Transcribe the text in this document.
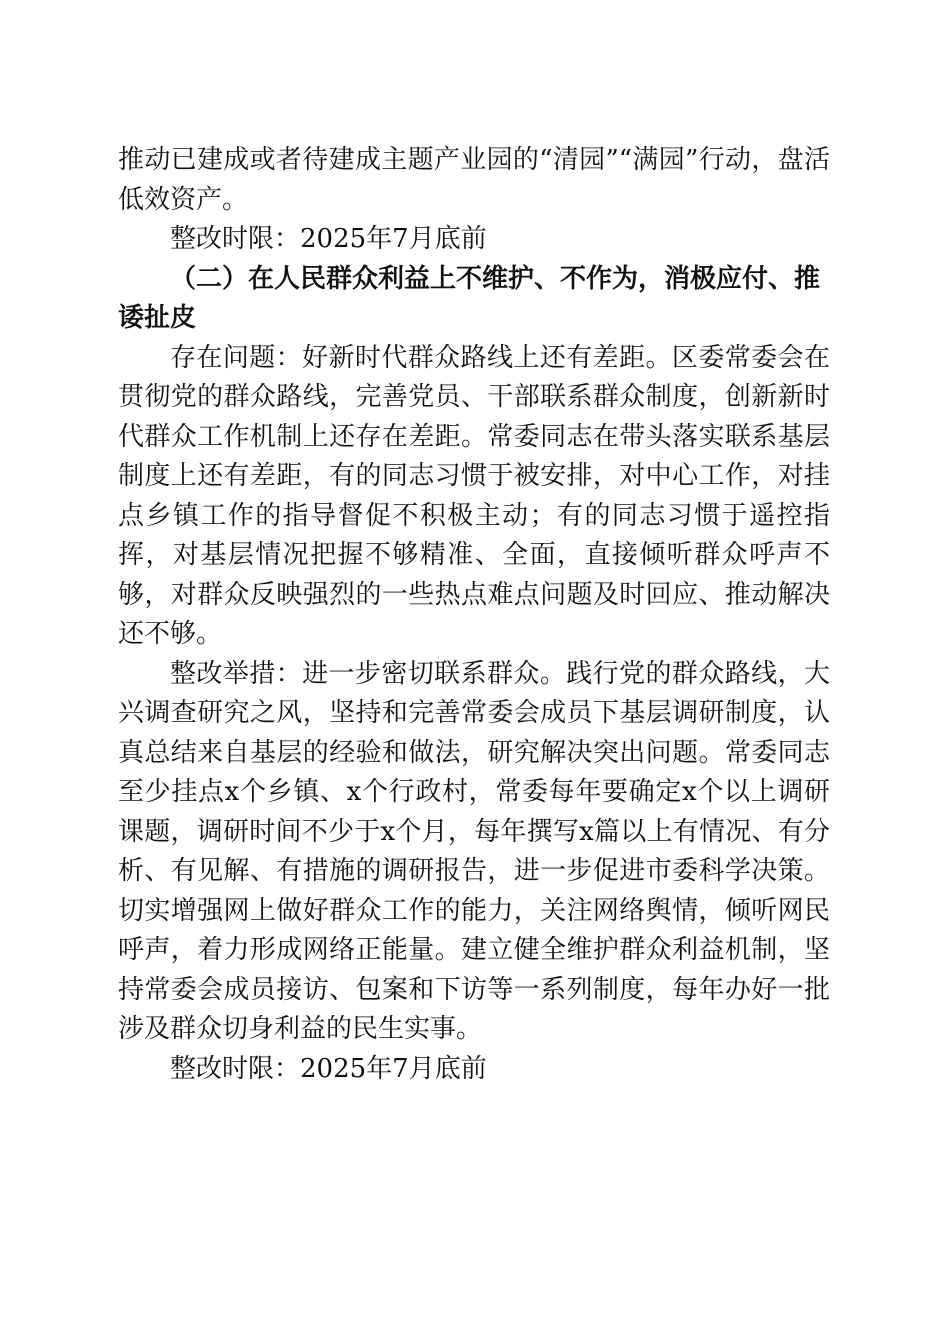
推动已建成或者待建成主题产业园的“清园”“满园”行动，盘活低效资产。

整改时限：2025年7月底前

（二）在人民群众利益上不维护、不作为，消极应付、推诿扯皮

存在问题：好新时代群众路线上还有差距。区委常委会在贯彻党的群众路线，完善党员、干部联系群众制度，创新新时代群众工作机制上还存在差距。常委同志在带头落实联系基层制度上还有差距，有的同志习惯于被安排，对中心工作，对挂点乡镇工作的指导督促不积极主动；有的同志习惯于遥控指挥，对基层情况把握不够精准、全面，直接倾听群众呼声不够，对群众反映强烈的一些热点难点问题及时回应、推动解决还不够。

整改举措：进一步密切联系群众。践行党的群众路线，大兴调查研究之风，坚持和完善常委会成员下基层调研制度，认真总结来自基层的经验和做法，研究解决突出问题。常委同志至少挂点x个乡镇、x个行政村，常委每年要确定x个以上调研课题，调研时间不少于x个月，每年撰写x篇以上有情况、有分析、有见解、有措施的调研报告，进一步促进市委科学决策。切实增强网上做好群众工作的能力，关注网络舆情，倾听网民呼声，着力形成网络正能量。建立健全维护群众利益机制，坚持常委会成员接访、包案和下访等一系列制度，每年办好一批涉及群众切身利益的民生实事。

整改时限：2025年7月底前
